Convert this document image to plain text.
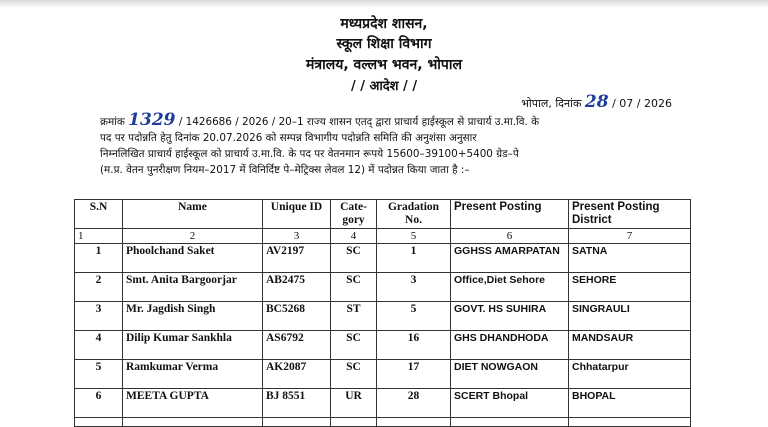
मध्यप्रदेश शासन,
स्कूल शिक्षा विभाग
मंत्रालय, वल्लभ भवन, भोपाल
/ / आदेश / /
भोपाल, दिनांक 28 / 07 / 2026
क्रमांक 1329 / 1426686 / 2026 / 20–1 राज्य शासन एतद् द्वारा प्राचार्य हाईस्कूल से प्राचार्य उ.मा.वि. के
पद पर पदोन्नति हेतु दिनांक 20.07.2026 को सम्पन्न विभागीय पदोन्नति समिति की अनुशंसा अनुसार
निम्नलिखित प्राचार्य हाईस्कूल को प्राचार्य उ.मा.वि. के पद पर वेतनमान रूपये 15600–39100+5400 ग्रेड–पे
(म.प्र. वेतन पुनरीक्षण नियम–2017 में विनिर्दिष्ट पे–मेट्रिक्स लेवल 12) में पदोन्नत किया जाता है :–
S.N	Name	Unique ID	Cate-gory	Gradation No.	Present Posting	Present Posting District
1	2	3	4	5	6	7
1	Phoolchand Saket	AV2197	SC	1	GGHSS AMARPATAN	SATNA
2	Smt. Anita Bargoorjar	AB2475	SC	3	Office,Diet Sehore	SEHORE
3	Mr. Jagdish Singh	BC5268	ST	5	GOVT. HS SUHIRA	SINGRAULI
4	Dilip Kumar Sankhla	AS6792	SC	16	GHS DHANDHODA	MANDSAUR
5	Ramkumar Verma	AK2087	SC	17	DIET NOWGAON	Chhatarpur
6	MEETA GUPTA	BJ 8551	UR	28	SCERT Bhopal	BHOPAL
